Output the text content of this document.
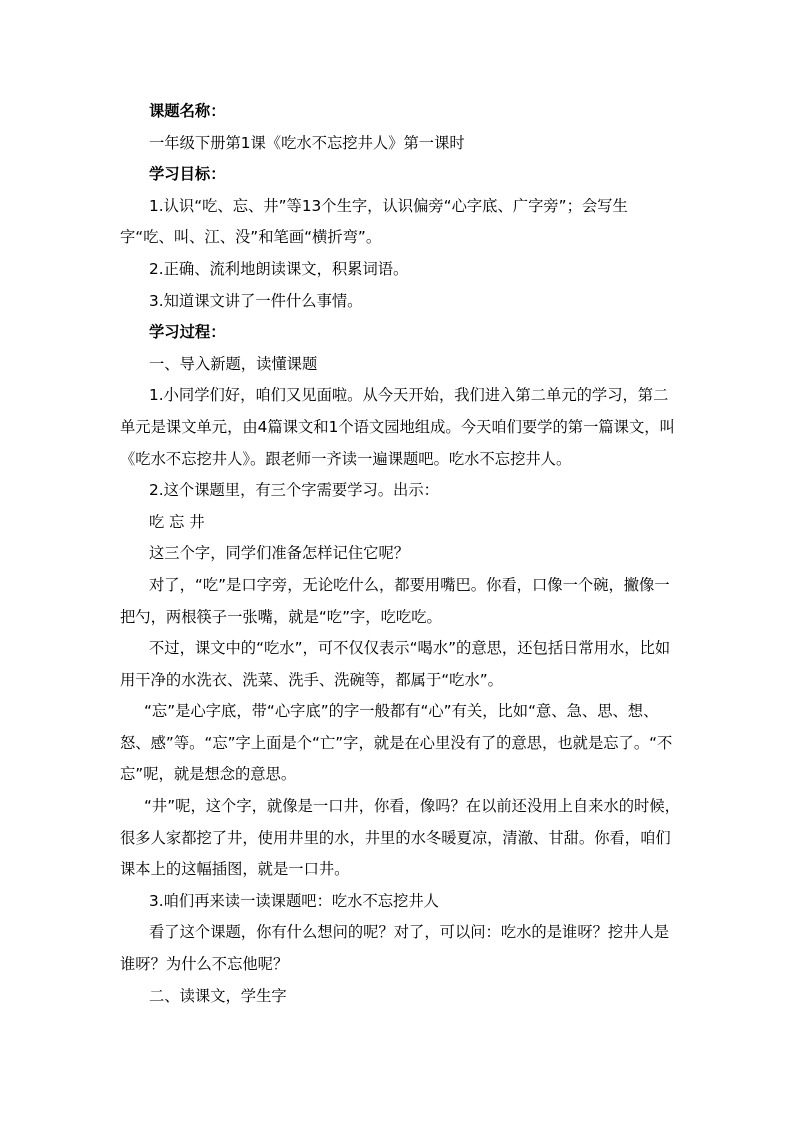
课题名称：

一年级下册第1课《吃水不忘挖井人》第一课时

学习目标：

1.认识“吃、忘、井”等13个生字，认识偏旁“心字底、广字旁”；会写生字“吃、叫、江、没”和笔画“横折弯”。

2.正确、流利地朗读课文，积累词语。

3.知道课文讲了一件什么事情。

学习过程：

一、导入新题，读懂课题

1.小同学们好，咱们又见面啦。从今天开始，我们进入第二单元的学习，第二单元是课文单元，由4篇课文和1个语文园地组成。今天咱们要学的第一篇课文，叫《吃水不忘挖井人》。跟老师一齐读一遍课题吧。吃水不忘挖井人。

2.这个课题里，有三个字需要学习。出示：

吃 忘 井

这三个字，同学们准备怎样记住它呢？

对了，“吃”是口字旁，无论吃什么，都要用嘴巴。你看，口像一个碗，撇像一把勺，两根筷子一张嘴，就是“吃”字，吃吃吃。

不过，课文中的“吃水”，可不仅仅表示“喝水”的意思，还包括日常用水，比如用干净的水洗衣、洗菜、洗手、洗碗等，都属于“吃水”。

“忘”是心字底，带“心字底”的字一般都有“心”有关，比如“意、急、思、想、怒、感”等。“忘”字上面是个“亡”字，就是在心里没有了的意思，也就是忘了。“不忘”呢，就是想念的意思。

“井”呢，这个字，就像是一口井，你看，像吗？在以前还没用上自来水的时候，很多人家都挖了井，使用井里的水，井里的水冬暖夏凉，清澈、甘甜。你看，咱们课本上的这幅插图，就是一口井。

3.咱们再来读一读课题吧：吃水不忘挖井人

看了这个课题，你有什么想问的呢？对了，可以问：吃水的是谁呀？挖井人是谁呀？为什么不忘他呢？

二、读课文，学生字
